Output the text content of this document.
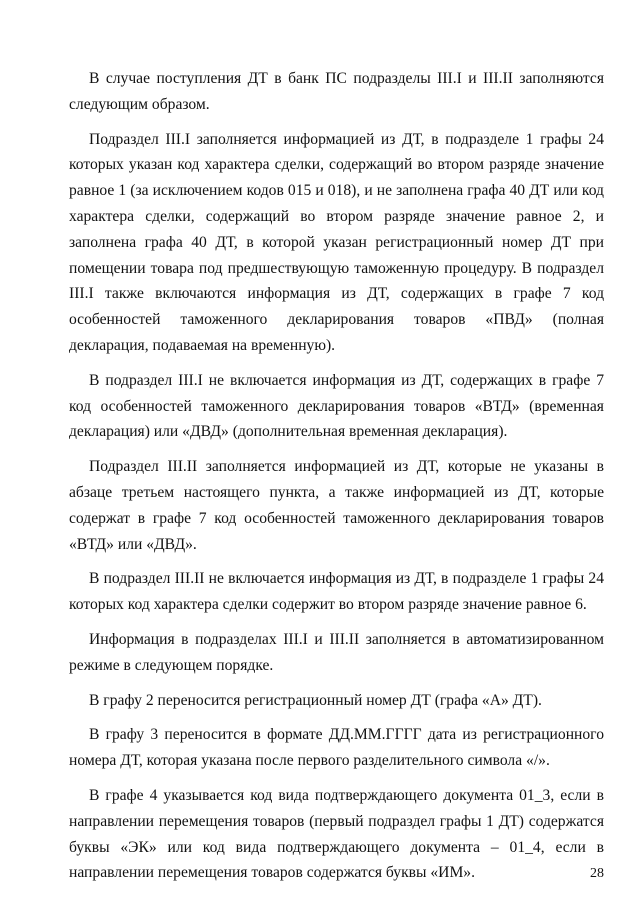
В случае поступления ДТ в банк ПС подразделы III.I и III.II заполняются следующим образом.

Подраздел III.I заполняется информацией из ДТ, в подразделе 1 графы 24 которых указан код характера сделки, содержащий во втором разряде значение равное 1 (за исключением кодов 015 и 018), и не заполнена графа 40 ДТ или код характера сделки, содержащий во втором разряде значение равное 2, и заполнена графа 40 ДТ, в которой указан регистрационный номер ДТ при помещении товара под предшествующую таможенную процедуру. В подраздел III.I также включаются информация из ДТ, содержащих в графе 7 код особенностей таможенного декларирования товаров «ПВД» (полная декларация, подаваемая на временную).

В подраздел III.I не включается информация из ДТ, содержащих в графе 7 код особенностей таможенного декларирования товаров «ВТД» (временная декларация) или «ДВД» (дополнительная временная декларация).

Подраздел III.II заполняется информацией из ДТ, которые не указаны в абзаце третьем настоящего пункта, а также информацией из ДТ, которые содержат в графе 7 код особенностей таможенного декларирования товаров «ВТД» или «ДВД».

В подраздел III.II не включается информация из ДТ, в подразделе 1 графы 24 которых код характера сделки содержит во втором разряде значение равное 6.

Информация в подразделах III.I и III.II заполняется в автоматизированном режиме в следующем порядке.

В графу 2 переносится регистрационный номер ДТ (графа «А» ДТ).

В графу 3 переносится в формате ДД.ММ.ГГГГ дата из регистрационного номера ДТ, которая указана после первого разделительного символа «/».

В графе 4 указывается код вида подтверждающего документа 01_3, если в направлении перемещения товаров (первый подраздел графы 1 ДТ) содержатся буквы «ЭК» или код вида подтверждающего документа – 01_4, если в направлении перемещения товаров содержатся буквы «ИМ».	28
